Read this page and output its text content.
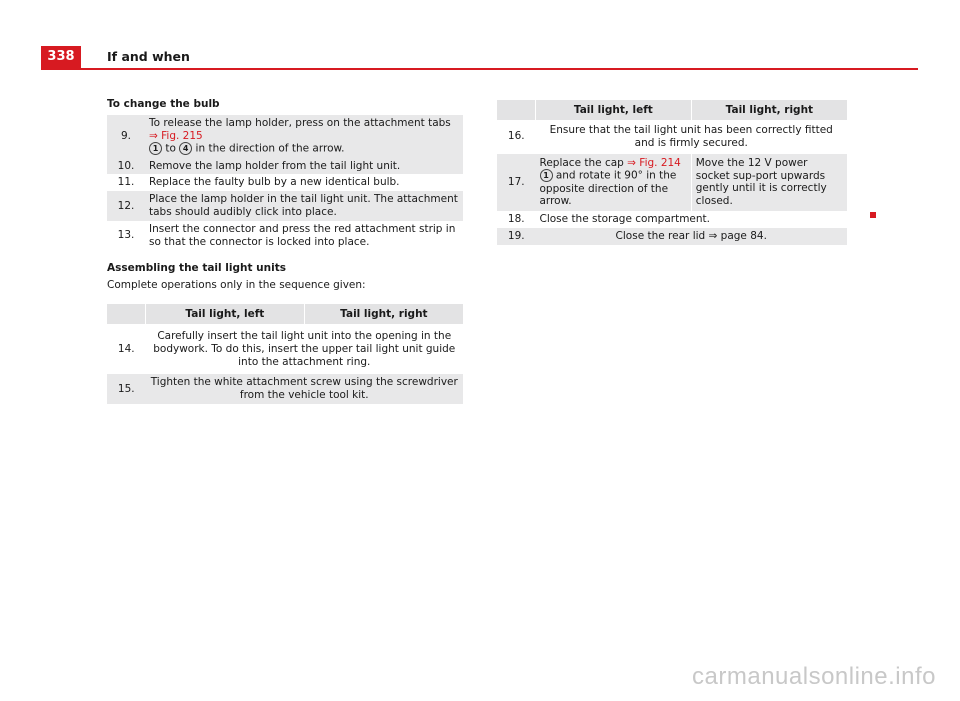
338	If and when
To change the bulb
9.	To release the lamp holder, press on the attachment tabs ⇒ Fig. 215
1 to 4 in the direction of the arrow.
10.	Remove the lamp holder from the tail light unit.
11.	Replace the faulty bulb by a new identical bulb.
12.	Place the lamp holder in the tail light unit. The attachment tabs should audibly click into place.
13.	Insert the connector and press the red attachment strip in so that the connector is locked into place.
Assembling the tail light units
Complete operations only in the sequence given:
	Tail light, left	Tail light, right
14.	Carefully insert the tail light unit into the opening in the bodywork. To do this, insert the upper tail light unit guide into the attachment ring.	
15.	Tighten the white attachment screw using the screwdriver from the vehicle tool kit.	
	Tail light, left	Tail light, right
16.	Ensure that the tail light unit has been correctly fitted and is firmly secured.	
17.	Replace the cap ⇒ Fig. 214 1 and rotate it 90° in the opposite direction of the arrow.	Move the 12 V power socket sup-port upwards gently until it is correctly closed.
18.	Close the storage compartment.	
19.	Close the rear lid ⇒ page 84.	
carmanualsonline.info
